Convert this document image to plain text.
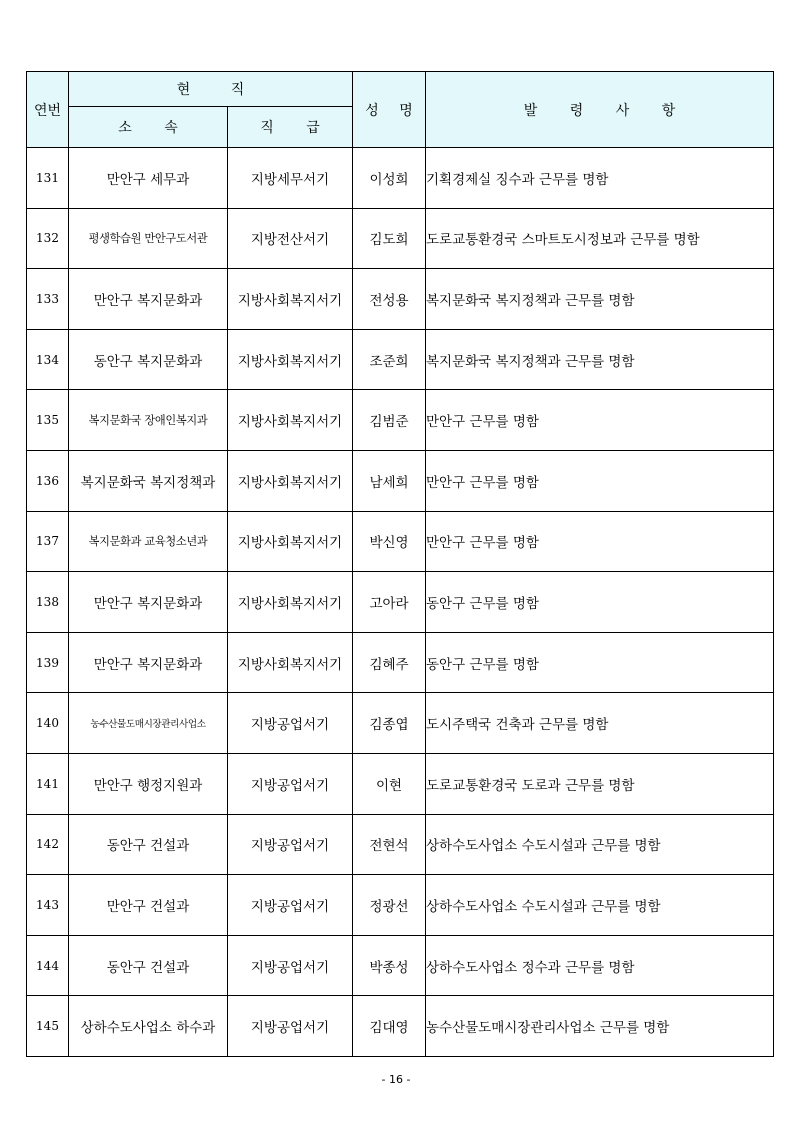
연번	현 직		성 명	발 령 사 항
	소 속	직 급		
131	만안구 세무과	지방세무서기	이성희	기획경제실 징수과 근무를 명함
132	평생학습원 만안구도서관	지방전산서기	김도희	도로교통환경국 스마트도시정보과 근무를 명함
133	만안구 복지문화과	지방사회복지서기	전성용	복지문화국 복지정책과 근무를 명함
134	동안구 복지문화과	지방사회복지서기	조준희	복지문화국 복지정책과 근무를 명함
135	복지문화국 장애인복지과	지방사회복지서기	김범준	만안구 근무를 명함
136	복지문화국 복지정책과	지방사회복지서기	남세희	만안구 근무를 명함
137	복지문화과 교육청소년과	지방사회복지서기	박신영	만안구 근무를 명함
138	만안구 복지문화과	지방사회복지서기	고아라	동안구 근무를 명함
139	만안구 복지문화과	지방사회복지서기	김혜주	동안구 근무를 명함
140	농수산물도매시장관리사업소	지방공업서기	김종엽	도시주택국 건축과 근무를 명함
141	만안구 행정지원과	지방공업서기	이현	도로교통환경국 도로과 근무를 명함
142	동안구 건설과	지방공업서기	전현석	상하수도사업소 수도시설과 근무를 명함
143	만안구 건설과	지방공업서기	정광선	상하수도사업소 수도시설과 근무를 명함
144	동안구 건설과	지방공업서기	박종성	상하수도사업소 정수과 근무를 명함
145	상하수도사업소 하수과	지방공업서기	김대영	농수산물도매시장관리사업소 근무를 명함
- 16 -
